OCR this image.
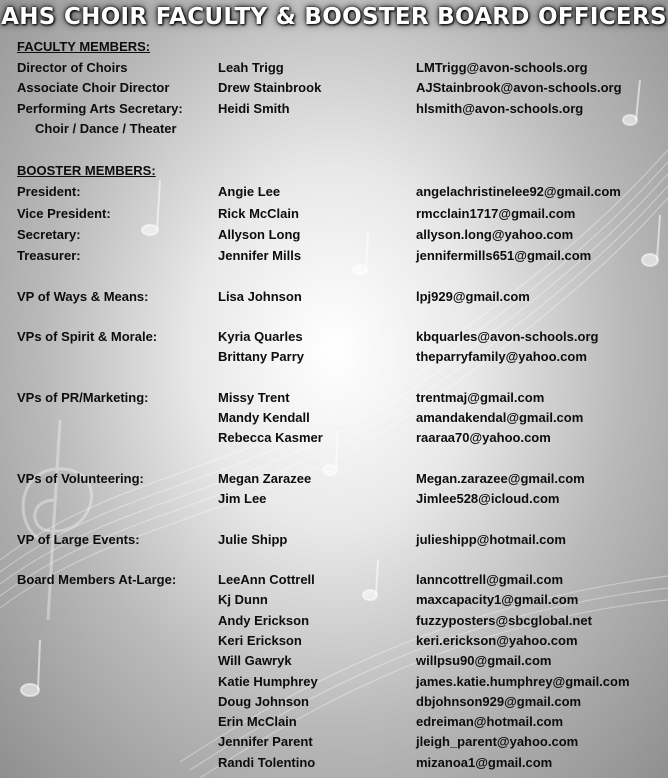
AHS CHOIR FACULTY & BOOSTER BOARD OFFICERS
FACULTY MEMBERS:
Director of Choirs	Leah Trigg	LMTrigg@avon-schools.org
Associate Choir Director	Drew Stainbrook	AJStainbrook@avon-schools.org
Performing Arts Secretary:	Heidi Smith	hlsmith@avon-schools.org
Choir / Dance / Theater
BOOSTER MEMBERS:
President:	Angie Lee	angelachristinelee92@gmail.com
Vice President:	Rick McClain	rmcclain1717@gmail.com
Secretary:	Allyson Long	allyson.long@yahoo.com
Treasurer:	Jennifer Mills	jennifermills651@gmail.com
VP of Ways & Means:	Lisa Johnson	lpj929@gmail.com
VPs of Spirit & Morale:	Kyria Quarles	kbquarles@avon-schools.org
Brittany Parry	theparryfamily@yahoo.com
VPs of PR/Marketing:	Missy Trent	trentmaj@gmail.com
Mandy Kendall	amandakendal@gmail.com
Rebecca Kasmer	raaraa70@yahoo.com
VPs of Volunteering:	Megan Zarazee	Megan.zarazee@gmail.com
Jim Lee	Jimlee528@icloud.com
VP of Large Events:	Julie Shipp	julieshipp@hotmail.com
Board Members At-Large:	LeeAnn Cottrell	lanncottrell@gmail.com
Kj Dunn	maxcapacity1@gmail.com
Andy Erickson	fuzzyposters@sbcglobal.net
Keri Erickson	keri.erickson@yahoo.com
Will Gawryk	willpsu90@gmail.com
Katie Humphrey	james.katie.humphrey@gmail.com
Doug Johnson	dbjohnson929@gmail.com
Erin McClain	edreiman@hotmail.com
Jennifer Parent	jleigh_parent@yahoo.com
Randi Tolentino	mizanoa1@gmail.com
